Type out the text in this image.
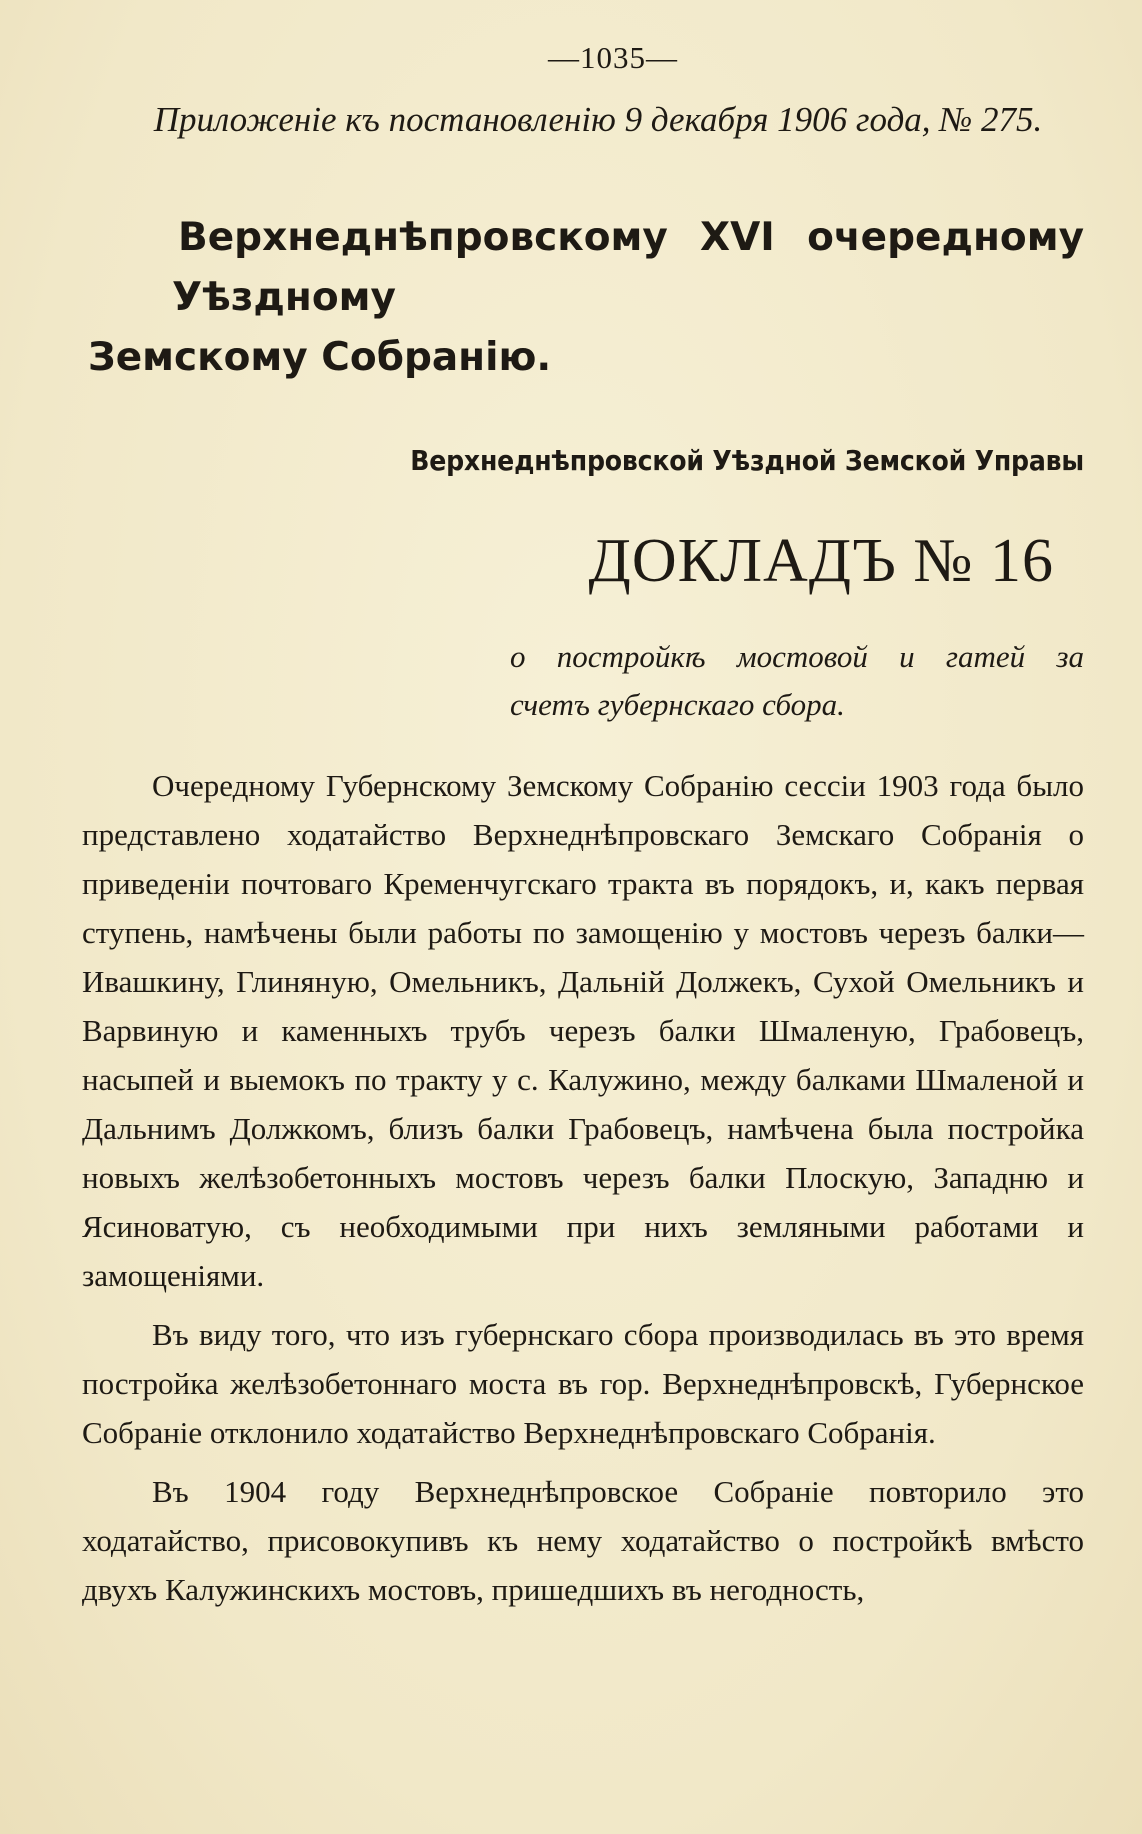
—1035—
Приложеніе къ постановленію 9 декабря 1906 года, № 275.
Верхнеднѣпровскому XVI очередному Уѣздному
Земскому Собранію.
Верхнеднѣпровской Уѣздной Земской Управы
ДОКЛАДЪ № 16
о постройкѣ мостовой и гатей за
счетъ губернскаго сбора.

Очередному Губернскому Земскому Собранію сессіи 1903 года было представлено ходатайство Верхнеднѣпровскаго Земскаго Собранія о приведеніи почтоваго Кременчугскаго тракта въ порядокъ, и, какъ первая ступень, намѣчены были работы по замощенію у мостовъ черезъ балки—Ивашкину, Глиняную, Омельникъ, Дальній Должекъ, Сухой Омельникъ и Варвиную и каменныхъ трубъ черезъ балки Шмаленую, Грабовецъ, насыпей и выемокъ по тракту у с. Калужино, между балками Шмаленой и Дальнимъ Должкомъ, близъ балки Грабовецъ, намѣчена была постройка новыхъ желѣзобетонныхъ мостовъ черезъ балки Плоскую, Западню и Ясиноватую, съ необходимыми при нихъ земляными работами и замощеніями.

Въ виду того, что изъ губернскаго сбора производилась въ это время постройка желѣзобетоннаго моста въ гор. Верхнеднѣпровскѣ, Губернское Собраніе отклонило ходатайство Верхнеднѣпровскаго Собранія.

Въ 1904 году Верхнеднѣпровское Собраніе повторило это ходатайство, присовокупивъ къ нему ходатайство о постройкѣ вмѣсто двухъ Калужинскихъ мостовъ, пришедшихъ въ негодность,
